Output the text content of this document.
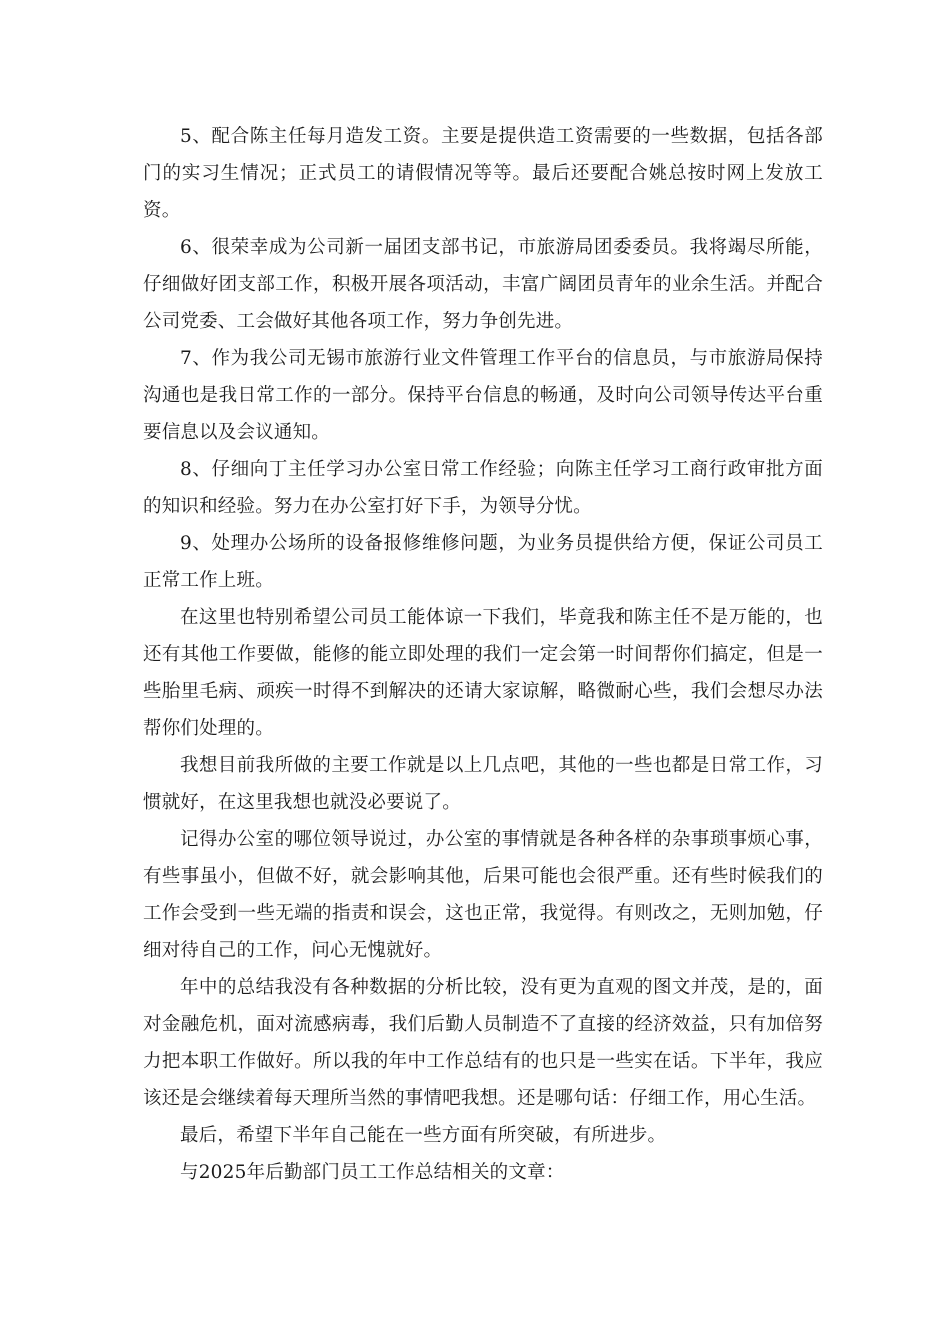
5、配合陈主任每月造发工资。主要是提供造工资需要的一些数据，包括各部门的实习生情况；正式员工的请假情况等等。最后还要配合姚总按时网上发放工资。

6、很荣幸成为公司新一届团支部书记，市旅游局团委委员。我将竭尽所能，仔细做好团支部工作，积极开展各项活动，丰富广阔团员青年的业余生活。并配合公司党委、工会做好其他各项工作，努力争创先进。

7、作为我公司无锡市旅游行业文件管理工作平台的信息员，与市旅游局保持沟通也是我日常工作的一部分。保持平台信息的畅通，及时向公司领导传达平台重要信息以及会议通知。

8、仔细向丁主任学习办公室日常工作经验；向陈主任学习工商行政审批方面的知识和经验。努力在办公室打好下手，为领导分忧。

9、处理办公场所的设备报修维修问题，为业务员提供给方便，保证公司员工正常工作上班。

在这里也特别希望公司员工能体谅一下我们，毕竟我和陈主任不是万能的，也还有其他工作要做，能修的能立即处理的我们一定会第一时间帮你们搞定，但是一些胎里毛病、顽疾一时得不到解决的还请大家谅解，略微耐心些，我们会想尽办法帮你们处理的。

我想目前我所做的主要工作就是以上几点吧，其他的一些也都是日常工作，习惯就好，在这里我想也就没必要说了。

记得办公室的哪位领导说过，办公室的事情就是各种各样的杂事琐事烦心事，有些事虽小，但做不好，就会影响其他，后果可能也会很严重。还有些时候我们的工作会受到一些无端的指责和误会，这也正常，我觉得。有则改之，无则加勉，仔细对待自己的工作，问心无愧就好。

年中的总结我没有各种数据的分析比较，没有更为直观的图文并茂，是的，面对金融危机，面对流感病毒，我们后勤人员制造不了直接的经济效益，只有加倍努力把本职工作做好。所以我的年中工作总结有的也只是一些实在话。下半年，我应该还是会继续着每天理所当然的事情吧我想。还是哪句话：仔细工作，用心生活。

最后，希望下半年自己能在一些方面有所突破，有所进步。

与2025年后勤部门员工工作总结相关的文章：
